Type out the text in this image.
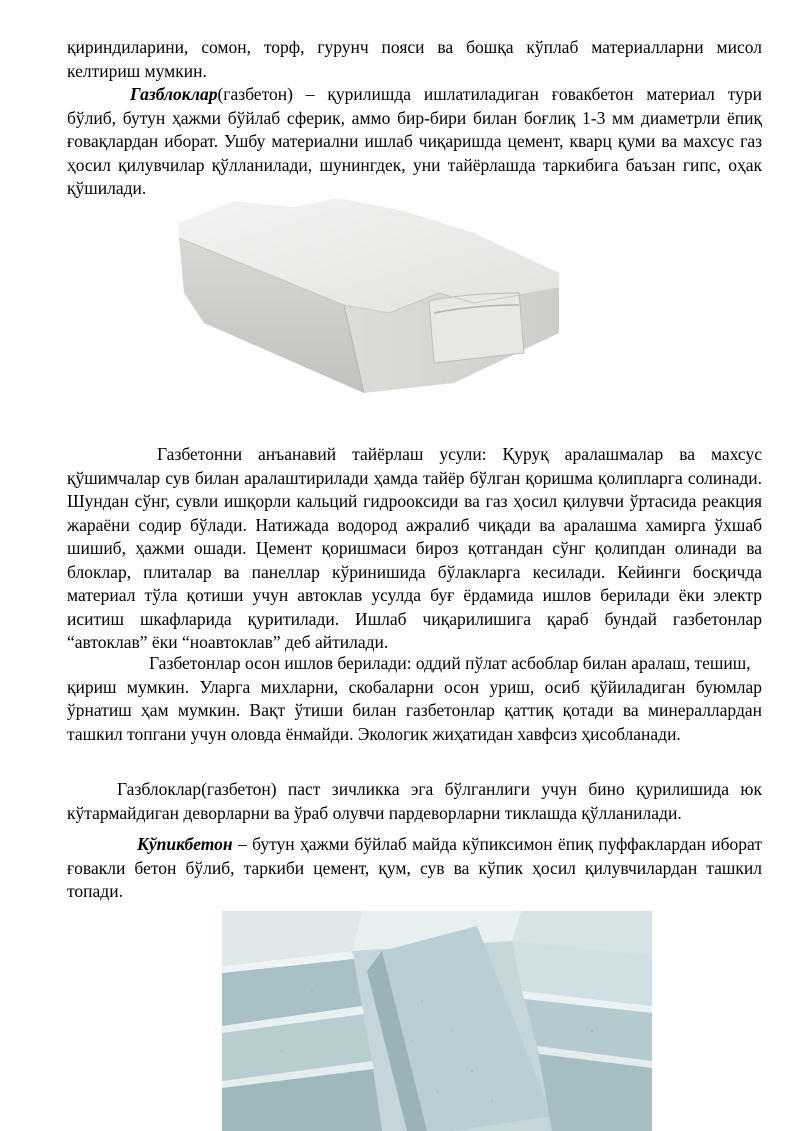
қириндиларини, сомон, торф, гурунч пояси ва бошқа кўплаб материалларни мисол келтириш мумкин.

Газблоклар(газбетон) – қурилишда ишлатиладиган ғовакбетон материал тури бўлиб, бутун ҳажми бўйлаб сферик, аммо бир-бири билан боғлиқ 1-3 мм диаметрли ёпиқ ғовақлардан иборат. Ушбу материални ишлаб чиқаришда цемент, кварц қуми ва махсус газ ҳосил қилувчилар қўлланилади, шунингдек, уни тайёрлашда таркибига баъзан гипс, оҳак қўшилади.

Газбетонни анъанавий тайёрлаш усули: Қуруқ аралашмалар ва махсус қўшимчалар сув билан аралаштирилади ҳамда тайёр бўлган қоришма қолипларга солинади. Шундан сўнг, сувли ишқорли кальций гидрооксиди ва газ ҳосил қилувчи ўртасида реакция жараёни содир бўлади. Натижада водород ажралиб чиқади ва аралашма хамирга ўхшаб шишиб, ҳажми ошади. Цемент қоришмаси бироз қотгандан сўнг қолипдан олинади ва блоклар, плиталар ва панеллар кўринишида бўлакларга кесилади. Кейинги босқичда материал тўла қотиши учун автоклав усулда буғ ёрдамида ишлов берилади ёки электр иситиш шкафларида қуритилади. Ишлаб чиқарилишига қараб бундай газбетонлар “автоклав” ёки “ноавтоклав” деб айтилади.

Газбетонлар осон ишлов берилади: оддий пўлат асбоблар билан аралаш, тешиш,

қириш мумкин. Уларга михларни, скобаларни осон уриш, осиб қўйиладиган буюмлар ўрнатиш ҳам мумкин. Вақт ўтиши билан газбетонлар қаттиқ қотади ва минераллардан ташкил топгани учун оловда ёнмайди. Экологик жиҳатидан хавфсиз ҳисобланади.

Газблоклар(газбетон) паст зичликка эга бўлганлиги учун бино қурилишида юк кўтармайдиган деворларни ва ўраб олувчи пардеворларни тиклашда қўлланилади.

Кўпикбетон – бутун ҳажми бўйлаб майда кўпиксимон ёпиқ пуффаклардан иборат ғовакли бетон бўлиб, таркиби цемент, қум, сув ва кўпик ҳосил қилувчилардан ташкил топади.
